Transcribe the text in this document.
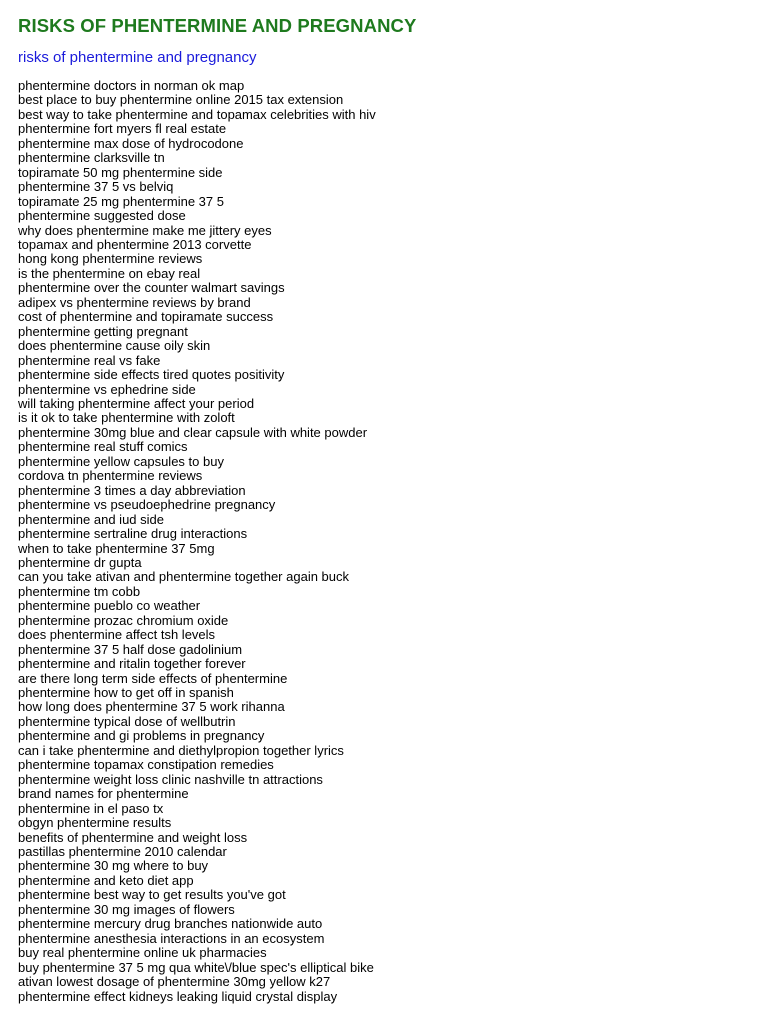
RISKS OF PHENTERMINE AND PREGNANCY
risks of phentermine and pregnancy
phentermine doctors in norman ok map
best place to buy phentermine online 2015 tax extension
best way to take phentermine and topamax celebrities with hiv
phentermine fort myers fl real estate
phentermine max dose of hydrocodone
phentermine clarksville tn
topiramate 50 mg phentermine side
phentermine 37 5 vs belviq
topiramate 25 mg phentermine 37 5
phentermine suggested dose
why does phentermine make me jittery eyes
topamax and phentermine 2013 corvette
hong kong phentermine reviews
is the phentermine on ebay real
phentermine over the counter walmart savings
adipex vs phentermine reviews by brand
cost of phentermine and topiramate success
phentermine getting pregnant
does phentermine cause oily skin
phentermine real vs fake
phentermine side effects tired quotes positivity
phentermine vs ephedrine side
will taking phentermine affect your period
is it ok to take phentermine with zoloft
phentermine 30mg blue and clear capsule with white powder
phentermine real stuff comics
phentermine yellow capsules to buy
cordova tn phentermine reviews
phentermine 3 times a day abbreviation
phentermine vs pseudoephedrine pregnancy
phentermine and iud side
phentermine sertraline drug interactions
when to take phentermine 37 5mg
phentermine dr gupta
can you take ativan and phentermine together again buck
phentermine tm cobb
phentermine pueblo co weather
phentermine prozac chromium oxide
does phentermine affect tsh levels
phentermine 37 5 half dose gadolinium
phentermine and ritalin together forever
are there long term side effects of phentermine
phentermine how to get off in spanish
how long does phentermine 37 5 work rihanna
phentermine typical dose of wellbutrin
phentermine and gi problems in pregnancy
can i take phentermine and diethylpropion together lyrics
phentermine topamax constipation remedies
phentermine weight loss clinic nashville tn attractions
brand names for phentermine
phentermine in el paso tx
obgyn phentermine results
benefits of phentermine and weight loss
pastillas phentermine 2010 calendar
phentermine 30 mg where to buy
phentermine and keto diet app
phentermine best way to get results you've got
phentermine 30 mg images of flowers
phentermine mercury drug branches nationwide auto
phentermine anesthesia interactions in an ecosystem
buy real phentermine online uk pharmacies
buy phentermine 37 5 mg qua white\/blue spec's elliptical bike
ativan lowest dosage of phentermine 30mg yellow k27
phentermine effect kidneys leaking liquid crystal display
